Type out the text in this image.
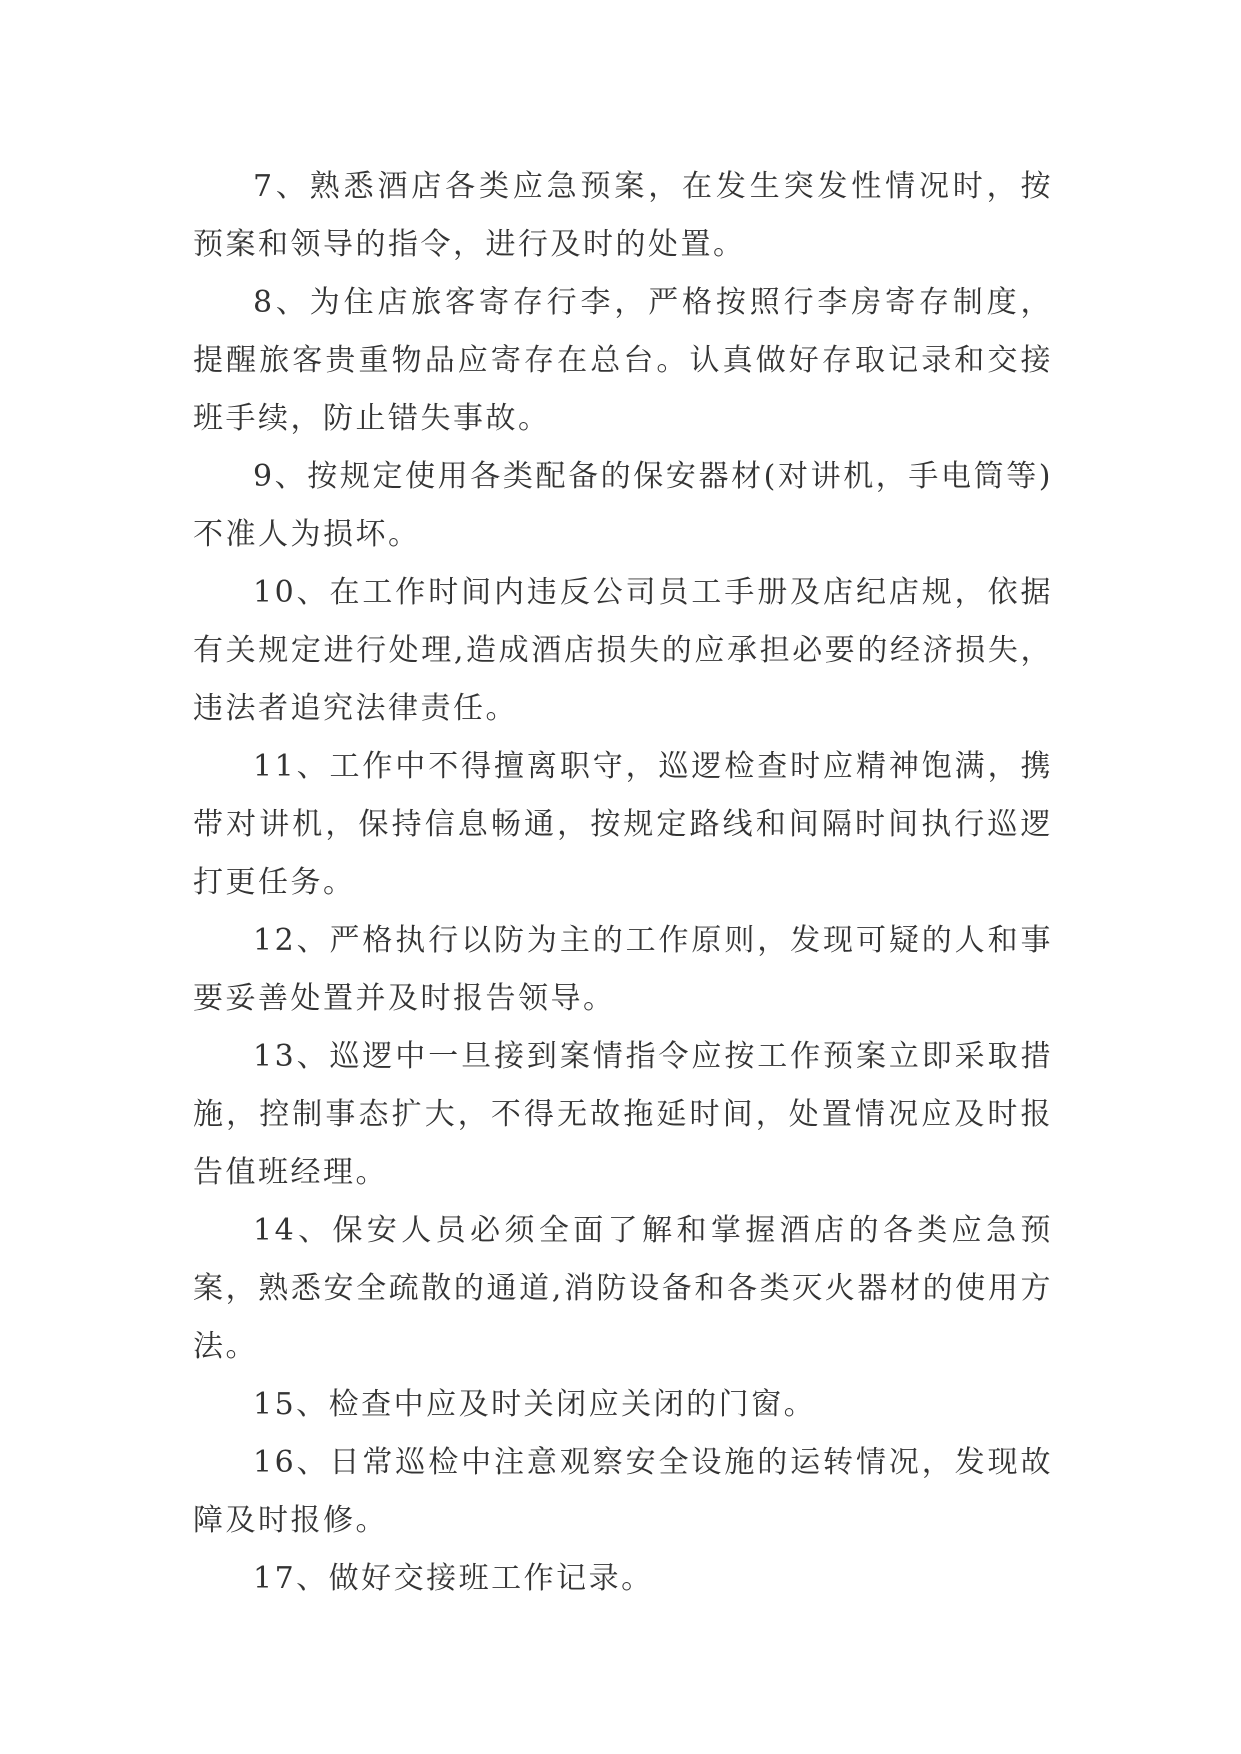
7、熟悉酒店各类应急预案，在发生突发性情况时，按预案和领导的指令，进行及时的处置。

8、为住店旅客寄存行李，严格按照行李房寄存制度，提醒旅客贵重物品应寄存在总台。认真做好存取记录和交接班手续，防止错失事故。

9、按规定使用各类配备的保安器材(对讲机，手电筒等)不准人为损坏。

10、在工作时间内违反公司员工手册及店纪店规，依据有关规定进行处理,造成酒店损失的应承担必要的经济损失，违法者追究法律责任。

11、工作中不得擅离职守，巡逻检查时应精神饱满，携带对讲机，保持信息畅通，按规定路线和间隔时间执行巡逻打更任务。

12、严格执行以防为主的工作原则，发现可疑的人和事要妥善处置并及时报告领导。

13、巡逻中一旦接到案情指令应按工作预案立即采取措施，控制事态扩大，不得无故拖延时间，处置情况应及时报告值班经理。

14、保安人员必须全面了解和掌握酒店的各类应急预案，熟悉安全疏散的通道,消防设备和各类灭火器材的使用方法。

15、检查中应及时关闭应关闭的门窗。

16、日常巡检中注意观察安全设施的运转情况，发现故障及时报修。

17、做好交接班工作记录。
